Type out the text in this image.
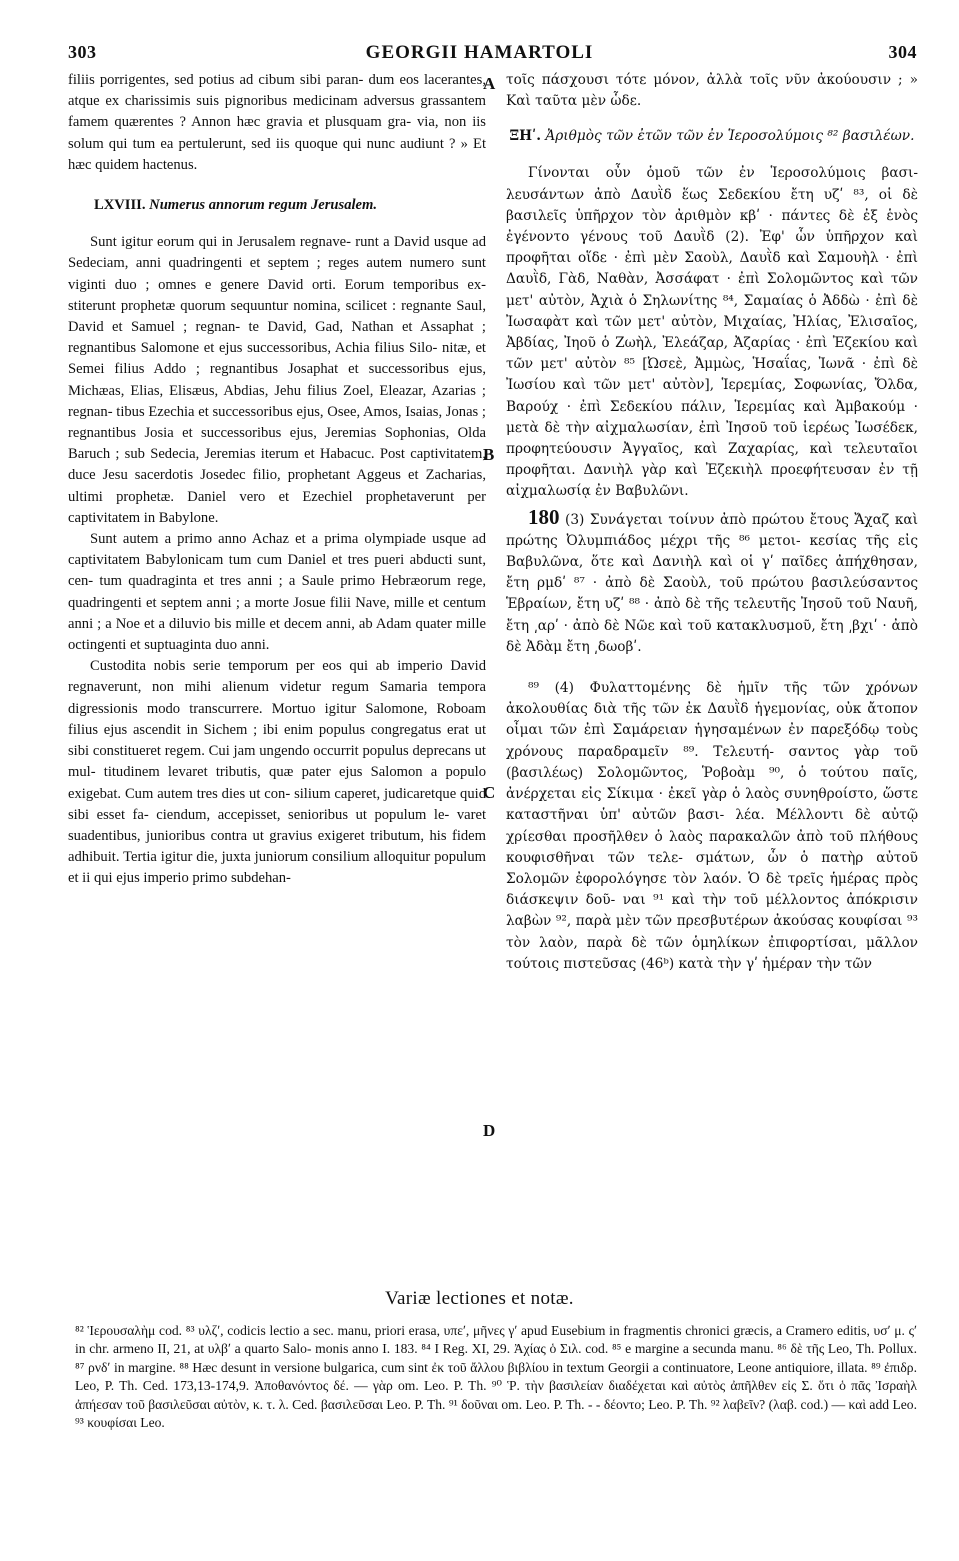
303	GEORGII HAMARTOLI	304

filiis porrigentes, sed potius ad cibum sibi paran- dum eos lacerantes, atque ex charissimis suis pignoribus medicinam adversus grassantem famem quærentes ? Annon hæc gravia et plusquam gra- via, non iis solum qui tum ea pertulerunt, sed iis quoque qui nunc audiunt ? » Et hæc quidem hactenus.

LXVIII. Numerus annorum regum Jerusalem.

Sunt igitur eorum qui in Jerusalem regnave- runt a David usque ad Sedeciam, anni quadringenti et septem ; reges autem numero sunt viginti duo ; omnes e genere David orti. Eorum temporibus ex- stiterunt prophetæ quorum sequuntur nomina, scilicet : regnante Saul, David et Samuel ; regnan- te David, Gad, Nathan et Assaphat ; regnantibus Salomone et ejus successoribus, Achia filius Silo- nitæ, et Semei filius Addo ; regnantibus Josaphat et successoribus ejus, Michæas, Elias, Elisæus, Abdias, Jehu filius Zoel, Eleazar, Azarias ; regnan- tibus Ezechia et successoribus ejus, Osee, Amos, Isaias, Jonas ; regnantibus Josia et successoribus ejus, Jeremias Sophonias, Olda Baruch ; sub Sedecia, Jeremias iterum et Habacuc. Post captivitatem, duce Jesu sacerdotis Josedec filio, prophetant Aggeus et Zacharias, ultimi prophetæ. Daniel vero et Ezechiel prophetaverunt per captivitatem in Babylone.

Sunt autem a primo anno Achaz et a prima olympiade usque ad captivitatem Babylonicam tum cum Daniel et tres pueri abducti sunt, cen- tum quadraginta et tres anni ; a Saule primo Hebræorum rege, quadringenti et septem anni ; a morte Josue filii Nave, mille et centum anni ; a Noe et a diluvio bis mille et decem anni, ab Adam quater mille octingenti et suptuaginta duo anni.

Custodita nobis serie temporum per eos qui ab imperio David regnaverunt, non mihi alienum videtur regum Samaria tempora digressionis modo transcurrere. Mortuo igitur Salomone, Roboam filius ejus ascendit in Sichem ; ibi enim populus congregatus erat ut sibi constitueret regem. Cui jam ungendo occurrit populus deprecans ut mul- titudinem levaret tributis, quæ pater ejus Salomon a populo exigebat. Cum autem tres dies ut con- silium caperet, judicaretque quid sibi esset fa- ciendum, accepisset, senioribus ut populum le- varet suadentibus, junioribus contra ut gravius exigeret tributum, his fidem adhibuit. Tertia igitur die, juxta juniorum consilium alloquitur populum et ii qui ejus imperio primo subdehan-

A
B
C
D

τοῖς πάσχουσι τότε μόνον, ἀλλὰ τοῖς νῦν ἀκούουσιν ; » Καὶ ταῦτα μὲν ὧδε.

ΞΗʹ. Ἀριθμὸς τῶν ἐτῶν τῶν ἐν Ἱεροσολύμοις ⁸² βασιλέων.

Γίνονται οὖν ὁμοῦ τῶν ἐν Ἱεροσολύμοις βασι- λευσάντων ἀπὸ Δαυῒδ ἕως Σεδεκίου ἔτη υζʹ ⁸³, οἱ δὲ βασιλεῖς ὑπῆρχον τὸν ἀριθμὸν κβʹ · πάντες δὲ ἐξ ἑνὸς ἐγένοντο γένους τοῦ Δαυῒδ (2). Ἐφ' ὧν ὑπῆρχον καὶ προφῆται οἵδε · ἐπὶ μὲν Σαοὺλ, Δαυῒδ καὶ Σαμουὴλ · ἐπὶ Δαυῒδ, Γὰδ, Ναθὰν, Ἀσσάφατ · ἐπὶ Σολομῶντος καὶ τῶν μετ' αὐτὸν, Ἀχιὰ ὁ Σηλωνίτης ⁸⁴, Σαμαίας ὁ Ἀδδὼ · ἐπὶ δὲ Ἰωσαφὰτ καὶ τῶν μετ' αὐτὸν, Μιχαίας, Ἠλίας, Ἐλισαῖος, Ἀβδίας, Ἰηοῦ ὁ Ζωὴλ, Ἐλεάζαρ, Ἀζαρίας · ἐπὶ Ἐζεκίου καὶ τῶν μετ' αὐτὸν ⁸⁵ [Ὠσεὲ, Ἀμμὼς, Ἡσαΐας, Ἰωνᾶ · ἐπὶ δὲ Ἰωσίου καὶ τῶν μετ' αὐτὸν], Ἱερεμίας, Σοφωνίας, Ὄλδα, Βαρούχ · ἐπὶ Σεδεκίου πάλιν, Ἱερεμίας καὶ Ἀμβακούμ · μετὰ δὲ τὴν αἰχμαλωσίαν, ἐπὶ Ἰησοῦ τοῦ ἱερέως Ἰωσέδεκ, προφητεύουσιν Ἀγγαῖος, καὶ Ζαχαρίας, καὶ τελευταῖοι προφῆται. Δανιὴλ γὰρ καὶ Ἐζεκιὴλ προεφήτευσαν ἐν τῇ αἰχμαλωσίᾳ ἐν Βαβυλῶνι.

180 (3) Συνάγεται τοίνυν ἀπὸ πρώτου ἔτους Ἄχαζ καὶ πρώτης Ὀλυμπιάδος μέχρι τῆς ⁸⁶ μετοι- κεσίας τῆς εἰς Βαβυλῶνα, ὅτε καὶ Δανιὴλ καὶ οἱ γʹ παῖδες ἀπήχθησαν, ἔτη ρμδʹ ⁸⁷ · ἀπὸ δὲ Σαοὺλ, τοῦ πρώτου βασιλεύσαντος Ἑβραίων, ἔτη υζʹ ⁸⁸ · ἀπὸ δὲ τῆς τελευτῆς Ἰησοῦ τοῦ Ναυῆ, ἔτη ͵αρʹ · ἀπὸ δὲ Νῶε καὶ τοῦ κατακλυσμοῦ, ἔτη ͵βχιʹ · ἀπὸ δὲ Ἀδὰμ ἔτη ͵δωοβʹ.

⁸⁹ (4) Φυλαττομένης δὲ ἡμῖν τῆς τῶν χρόνων ἀκολουθίας διὰ τῆς τῶν ἐκ Δαυῒδ ἡγεμονίας, οὐκ ἄτοπον οἶμαι τῶν ἐπὶ Σαμάρειαν ἡγησαμένων ἐν παρεξόδῳ τοὺς χρόνους παραδραμεῖν ⁸⁹. Τελευτή- σαντος γὰρ τοῦ (βασιλέως) Σολομῶντος, Ῥοβοὰμ ⁹⁰, ὁ τούτου παῖς, ἀνέρχεται εἰς Σίκιμα · ἐκεῖ γὰρ ὁ λαὸς συνηθροίστο, ὥστε καταστῆναι ὑπ' αὐτῶν βασι- λέα. Μέλλοντι δὲ αὐτῷ χρίεσθαι προσῆλθεν ὁ λαὸς παρακαλῶν ἀπὸ τοῦ πλήθους κουφισθῆναι τῶν τελε- σμάτων, ὧν ὁ πατὴρ αὐτοῦ Σολομῶν ἐφορολόγησε τὸν λαόν. Ὁ δὲ τρεῖς ἡμέρας πρὸς διάσκεψιν δοῦ- ναι ⁹¹ καὶ τὴν τοῦ μέλλοντος ἀπόκρισιν λαβὼν ⁹², παρὰ μὲν τῶν πρεσβυτέρων ἀκούσας κουφίσαι ⁹³ τὸν λαὸν, παρὰ δὲ τῶν ὁμηλίκων ἐπιφορτίσαι, μᾶλλον τούτοις πιστεῦσας (46ᵇ) κατὰ τὴν γʹ ἡμέραν τὴν τῶν

Variæ lectiones et notæ.
⁸² Ἱερουσαλὴμ cod. ⁸³ υλζʹ, codicis lectio a sec. manu, priori erasa, υπεʹ, μῆνες γʹ apud Eusebium in fragmentis chronici græcis, a Cramero editis, υσʹ μ. ςʹ in chr. armeno II, 21, at υλβʹ a quarto Salo- monis anno I. 183. ⁸⁴ I Reg. XI, 29. Ἀχίας ὁ Σιλ. cod. ⁸⁵ e margine a secunda manu. ⁸⁶ δὲ τῆς Leo, Th. Pollux. ⁸⁷ ρνδʹ in margine. ⁸⁸ Hæc desunt in versione bulgarica, cum sint ἐκ τοῦ ἄλλου βιβλίου in textum Georgii a continuatore, Leone antiquiore, illata. ⁸⁹ ἐπιδρ. Leo, P. Th. Ced. 173,13-174,9. Ἀποθανόντος δέ. — γὰρ om. Leo. P. Th. ⁹⁰ Ῥ. τὴν βασιλείαν διαδέχεται καὶ αὐτὸς ἀπῆλθεν εἰς Σ. ὅτι ὁ πᾶς Ἰσραὴλ ἀπήεσαν τοῦ βασιλεῦσαι αὐτὸν, κ. τ. λ. Ced. βασιλεῦσαι Leo. P. Th. ⁹¹ δοῦναι om. Leo. P. Th. - - δέοντο; Leo. P. Th. ⁹² λαβεῖν? (λαβ. cod.) — καὶ add Leo. ⁹³ κουφίσαι Leo.
